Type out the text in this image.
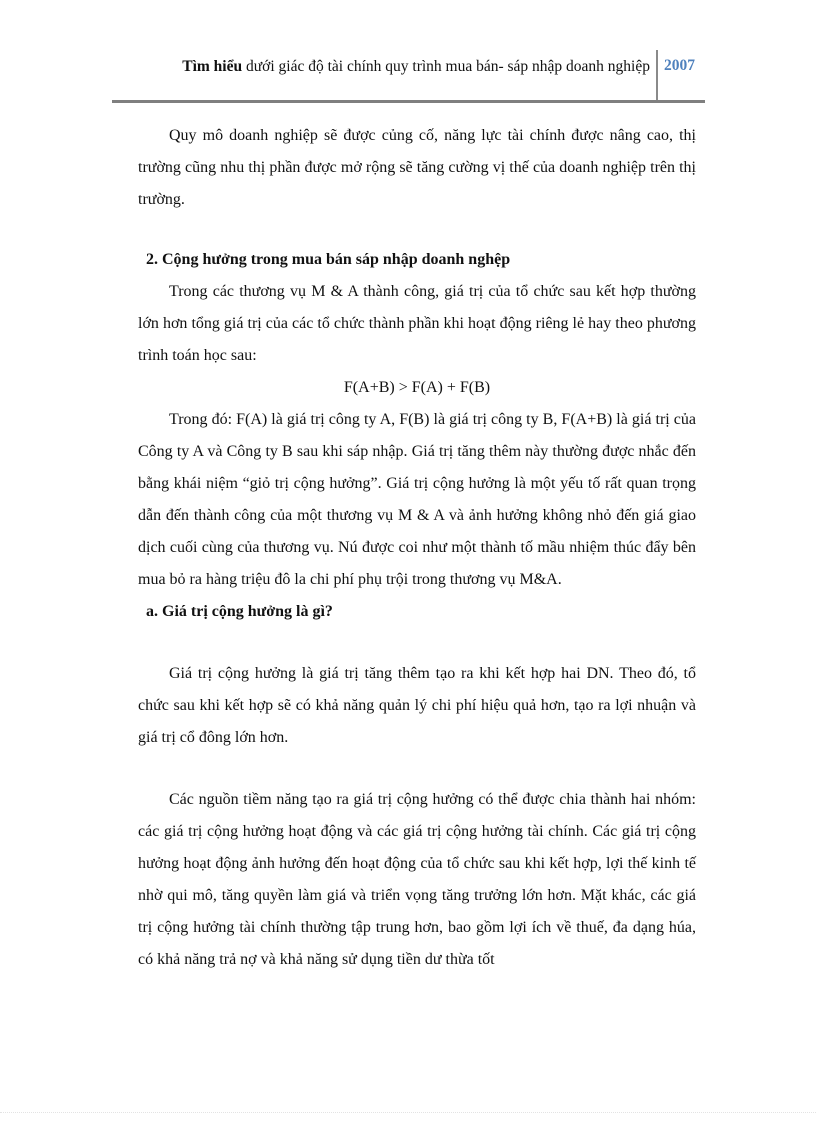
Tìm hiểu dưới giác độ tài chính quy trình mua bán- sáp nhập doanh nghiệp 2007

Quy mô doanh nghiệp sẽ được củng cố, năng lực tài chính được nâng cao, thị trường cũng nhu thị phần được mở rộng sẽ tăng cường vị thế của doanh nghiệp trên thị trường.

2. Cộng hưởng trong mua bán sáp nhập doanh nghệp

Trong các thương vụ M & A thành công, giá trị của tổ chức sau kết hợp thường lớn hơn tổng giá trị của các tổ chức thành phần khi hoạt động riêng lẻ hay theo phương trình toán học sau:

F(A+B) > F(A) + F(B)

Trong đó: F(A) là giá trị công ty A, F(B) là giá trị công ty B, F(A+B) là giá trị của Công ty A và Công ty B sau khi sáp nhập. Giá trị tăng thêm này thường được nhắc đến bằng khái niệm “giỏ trị cộng hưởng”. Giá trị cộng hưởng là một yếu tố rất quan trọng dẫn đến thành công của một thương vụ M & A và ảnh hưởng không nhỏ đến giá giao dịch cuối cùng của thương vụ. Nú được coi như một thành tố mầu nhiệm thúc đẩy bên mua bỏ ra hàng triệu đô la chi phí phụ trội trong thương vụ M&A.

a. Giá trị cộng hưởng là gì?

Giá trị cộng hưởng là giá trị tăng thêm tạo ra khi kết hợp hai DN. Theo đó, tổ chức sau khi kết hợp sẽ có khả năng quản lý chi phí hiệu quả hơn, tạo ra lợi nhuận và giá trị cổ đông lớn hơn.

Các nguồn tiềm năng tạo ra giá trị cộng hưởng có thể được chia thành hai nhóm: các giá trị cộng hưởng hoạt động và các giá trị cộng hưởng tài chính. Các giá trị cộng hưởng hoạt động ảnh hưởng đến hoạt động của tổ chức sau khi kết hợp, lợi thế kinh tế nhờ qui mô, tăng quyền làm giá và triển vọng tăng trưởng lớn hơn. Mặt khác, các giá trị cộng hưởng tài chính thường tập trung hơn, bao gồm lợi ích về thuế, đa dạng húa, có khả năng trả nợ và khả năng sử dụng tiền dư thừa tốt
